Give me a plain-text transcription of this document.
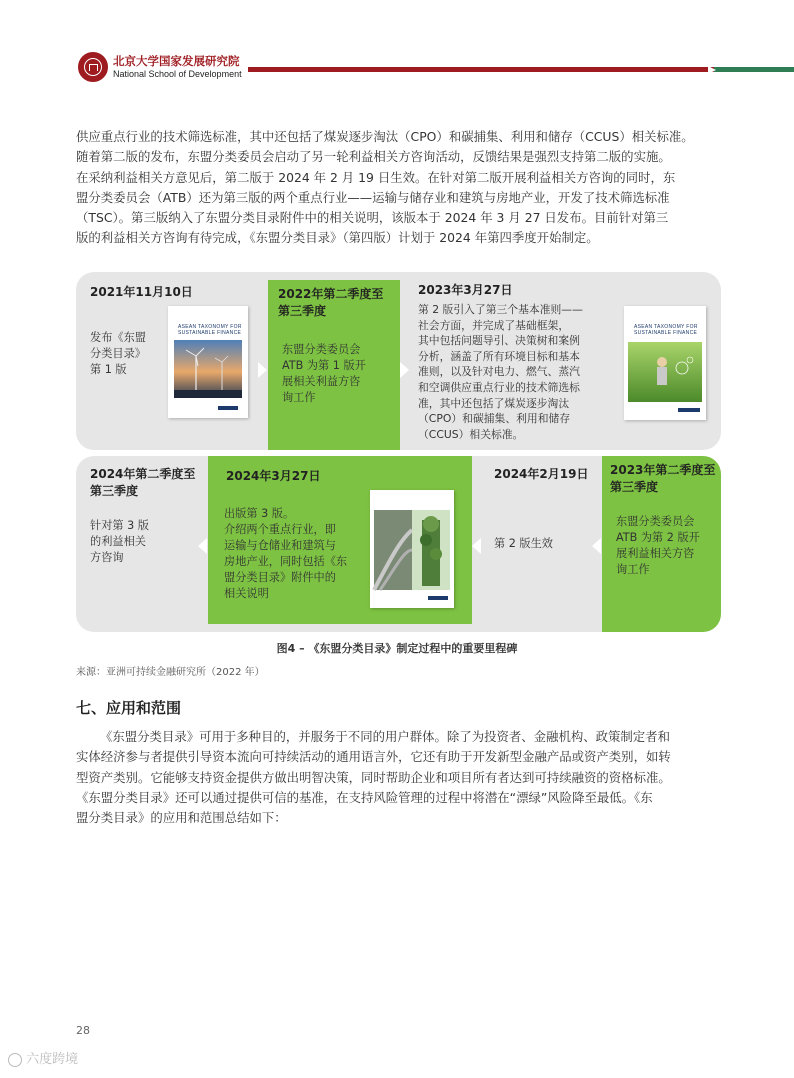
北京大学国家发展研究院
National School of Development

供应重点行业的技术筛选标准，其中还包括了煤炭逐步淘汰（CPO）和碳捕集、利用和储存（CCUS）相关标准。

随着第二版的发布，东盟分类委员会启动了另一轮利益相关方咨询活动，反馈结果是强烈支持第二版的实施。

在采纳利益相关方意见后，第二版于 2024 年 2 月 19 日生效。在针对第二版开展利益相关方咨询的同时，东

盟分类委员会（ATB）还为第三版的两个重点行业——运输与储存业和建筑与房地产业，开发了技术筛选标准

（TSC）。第三版纳入了东盟分类目录附件中的相关说明，该版本于 2024 年 3 月 27 日发布。目前针对第三

版的利益相关方咨询有待完成，《东盟分类目录》（第四版）计划于 2024 年第四季度开始制定。

2021年11月10日
发布《东盟
分类目录》
第 1 版
ASEAN TAXONOMY FOR
SUSTAINABLE FINANCE
2022年第二季度至
第三季度
东盟分类委员会
ATB 为第 1 版开
展相关利益方咨
询工作
2023年3月27日
第 2 版引入了第三个基本准则——
社会方面，并完成了基础框架，
其中包括问题导引、决策树和案例
分析，涵盖了所有环境目标和基本
准则，以及针对电力、燃气、蒸汽
和空调供应重点行业的技术筛选标
准，其中还包括了煤炭逐步淘汰
（CPO）和碳捕集、利用和储存
（CCUS）相关标准。
ASEAN TAXONOMY FOR
SUSTAINABLE FINANCE
2024年第二季度至
第三季度
针对第 3 版
的利益相关
方咨询
2024年3月27日
出版第 3 版。
介绍两个重点行业，即
运输与仓储业和建筑与
房地产业，同时包括《东
盟分类目录》附件中的
相关说明
2024年2月19日
第 2 版生效
2023年第二季度至
第三季度
东盟分类委员会
ATB 为第 2 版开
展利益相关方咨
询工作
图4 – 《东盟分类目录》制定过程中的重要里程碑
来源：亚洲可持续金融研究所（2022 年）
七、应用和范围

《东盟分类目录》可用于多种目的，并服务于不同的用户群体。除了为投资者、金融机构、政策制定者和

实体经济参与者提供引导资本流向可持续活动的通用语言外，它还有助于开发新型金融产品或资产类别，如转

型资产类别。它能够支持资金提供方做出明智决策，同时帮助企业和项目所有者达到可持续融资的资格标准。

《东盟分类目录》还可以通过提供可信的基准，在支持风险管理的过程中将潜在“漂绿”风险降至最低。《东

盟分类目录》的应用和范围总结如下：

28
六度跨境
